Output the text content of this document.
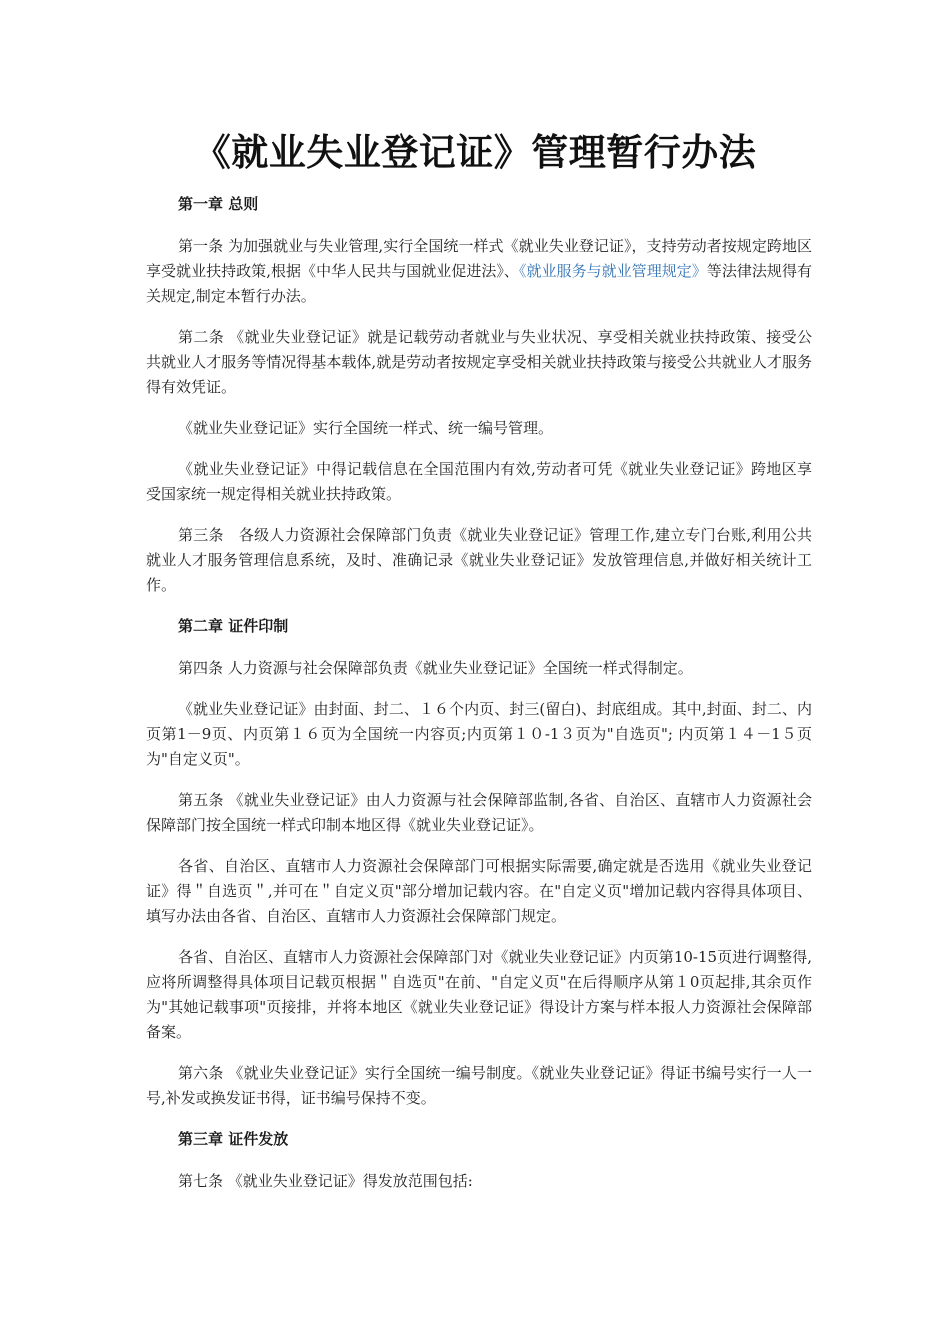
《就业失业登记证》管理暂行办法
第一章 总则

第一条 为加强就业与失业管理,实行全国统一样式《就业失业登记证》，支持劳动者按规定跨地区享受就业扶持政策,根据《中华人民共与国就业促进法》、《就业服务与就业管理规定》等法律法规得有关规定,制定本暂行办法。

第二条 《就业失业登记证》就是记载劳动者就业与失业状况、享受相关就业扶持政策、接受公共就业人才服务等情况得基本载体,就是劳动者按规定享受相关就业扶持政策与接受公共就业人才服务得有效凭证。

《就业失业登记证》实行全国统一样式、统一编号管理。

《就业失业登记证》中得记载信息在全国范围内有效,劳动者可凭《就业失业登记证》跨地区享受国家统一规定得相关就业扶持政策。

第三条　各级人力资源社会保障部门负责《就业失业登记证》管理工作,建立专门台账,利用公共就业人才服务管理信息系统，及时、准确记录《就业失业登记证》发放管理信息,并做好相关统计工作。

第二章 证件印制

第四条 人力资源与社会保障部负责《就业失业登记证》全国统一样式得制定。

《就业失业登记证》由封面、封二、１６个内页、封三(留白)、封底组成。其中,封面、封二、内页第1－9页、内页第１６页为全国统一内容页;内页第１０-1３页为"自选页"; 内页第１４－1５页为"自定义页"。

第五条 《就业失业登记证》由人力资源与社会保障部监制,各省、自治区、直辖市人力资源社会保障部门按全国统一样式印制本地区得《就业失业登记证》。

各省、自治区、直辖市人力资源社会保障部门可根据实际需要,确定就是否选用《就业失业登记证》得＂自选页＂,并可在＂自定义页"部分增加记载内容。在"自定义页"增加记载内容得具体项目、填写办法由各省、自治区、直辖市人力资源社会保障部门规定。

各省、自治区、直辖市人力资源社会保障部门对《就业失业登记证》内页第10-15页进行调整得,应将所调整得具体项目记载页根据＂自选页"在前、"自定义页"在后得顺序从第１0页起排,其余页作为"其她记载事项"页接排，并将本地区《就业失业登记证》得设计方案与样本报人力资源社会保障部备案。

第六条 《就业失业登记证》实行全国统一编号制度。《就业失业登记证》得证书编号实行一人一号,补发或换发证书得，证书编号保持不变。

第三章 证件发放

第七条 《就业失业登记证》得发放范围包括:
